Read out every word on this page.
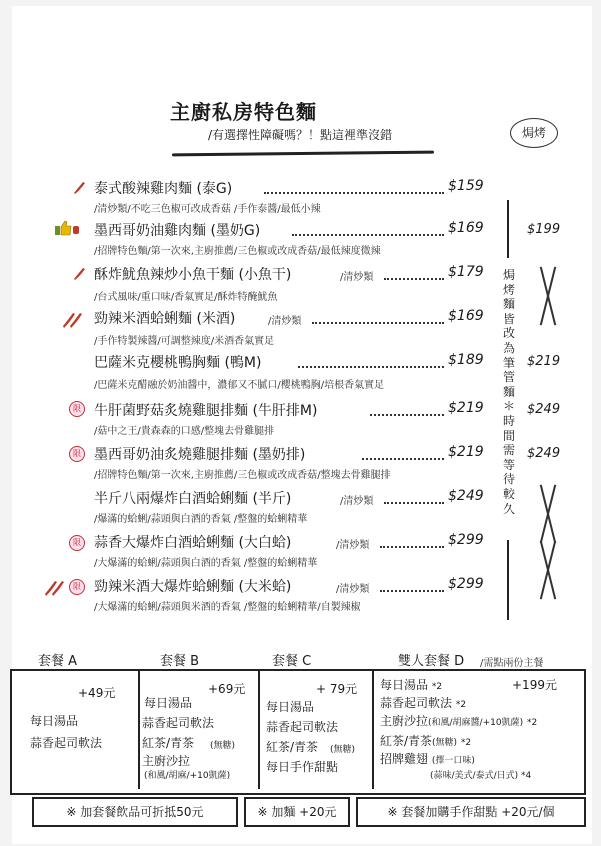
主廚私房特色麵
/有選擇性障礙嗎？！點這裡準沒錯	焗烤
焗烤麵皆改為筆管麵＊時間需等待較久
限
限
限
限
泰式酸辣雞肉麵 (泰G)	$159
/清炒類/不吃三色椒可改成香菇 /手作泰醬/最低小辣
墨西哥奶油雞肉麵 (墨奶G)	$169	$199
/招牌特色麵/第一次來,主廚推薦/三色椒或改成香菇/最低辣度微辣
酥炸魷魚辣炒小魚干麵 (小魚干)	/清炒類	$179
/台式風味/重口味/香氣實足/酥炸特醃魷魚
勁辣米酒蛤蜊麵 (米酒)	/清炒類	$169
/手作特製辣醬/可調整辣度/米酒香氣實足
巴薩米克櫻桃鴨胸麵 (鴨M)	$189	$219
/巴薩米克醋融於奶油醬中，濃郁又不膩口/櫻桃鴨胸/培根香氣實足
牛肝菌野菇炙燒雞腿排麵 (牛肝排M)	$219	$249
/菇中之王/貴森森的口感/整塊去骨雞腿排
墨西哥奶油炙燒雞腿排麵 (墨奶排)	$219	$249
/招牌特色麵/第一次來,主廚推薦/三色椒或改成香菇/整塊去骨雞腿排
半斤八兩爆炸白酒蛤蜊麵 (半斤)	/清炒類	$249
/爆滿的蛤蜊/蒜頭與白酒的香氣 /整盤的蛤蜊精華
蒜香大爆炸白酒蛤蜊麵 (大白蛤)	/清炒類	$299
/大爆滿的蛤蜊/蒜頭與白酒的香氣 /整盤的蛤蜊精華
勁辣米酒大爆炸蛤蜊麵 (大米蛤)	/清炒類	$299
/大爆滿的蛤蜊/蒜頭與米酒的香氣 /整盤的蛤蜊精華/自製辣椒
套餐 A	套餐 B	套餐 C	雙人套餐 D /需點兩份主餐
+49元
每日湯品
蒜香起司軟法
+69元
每日湯品
蒜香起司軟法
紅茶/青茶 (無糖)
主廚沙拉
(和風/胡麻/+10凱薩)
+ 79元
每日湯品
蒜香起司軟法
紅茶/青茶 (無糖)
每日手作甜點
+199元
每日湯品 *2
蒜香起司軟法 *2
主廚沙拉(和風/胡麻醬/+10凱薩) *2
紅茶/青茶(無糖) *2
招牌雞翅 (擇一口味)
(蒜味/美式/泰式/日式) *4
※ 加套餐飲品可折抵50元	※ 加麵 +20元	※ 套餐加購手作甜點 +20元/個
